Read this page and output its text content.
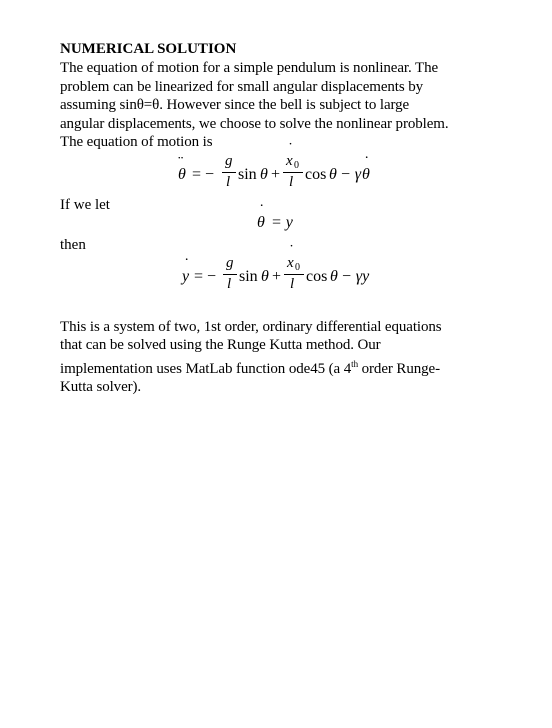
NUMERICAL SOLUTION

The equation of motion for a simple pendulum is nonlinear. The

problem can be linearized for small angular displacements by

assuming sinθ=θ. However since the bell is subject to large

angular displacements, we choose to solve the nonlinear problem.

The equation of motion is

θ ¨ = −
g
l sin θ +
x ˙ 0
l cos θ − γ θ ˙

If we let

θ ˙ = y

then

y ˙ = −
g
l sin θ +
x ˙ 0
l cos θ − γy

This is a system of two, 1st order, ordinary differential equations

that can be solved using the Runge Kutta method. Our

implementation uses MatLab function ode45 (a 4th order Runge-

Kutta solver).
